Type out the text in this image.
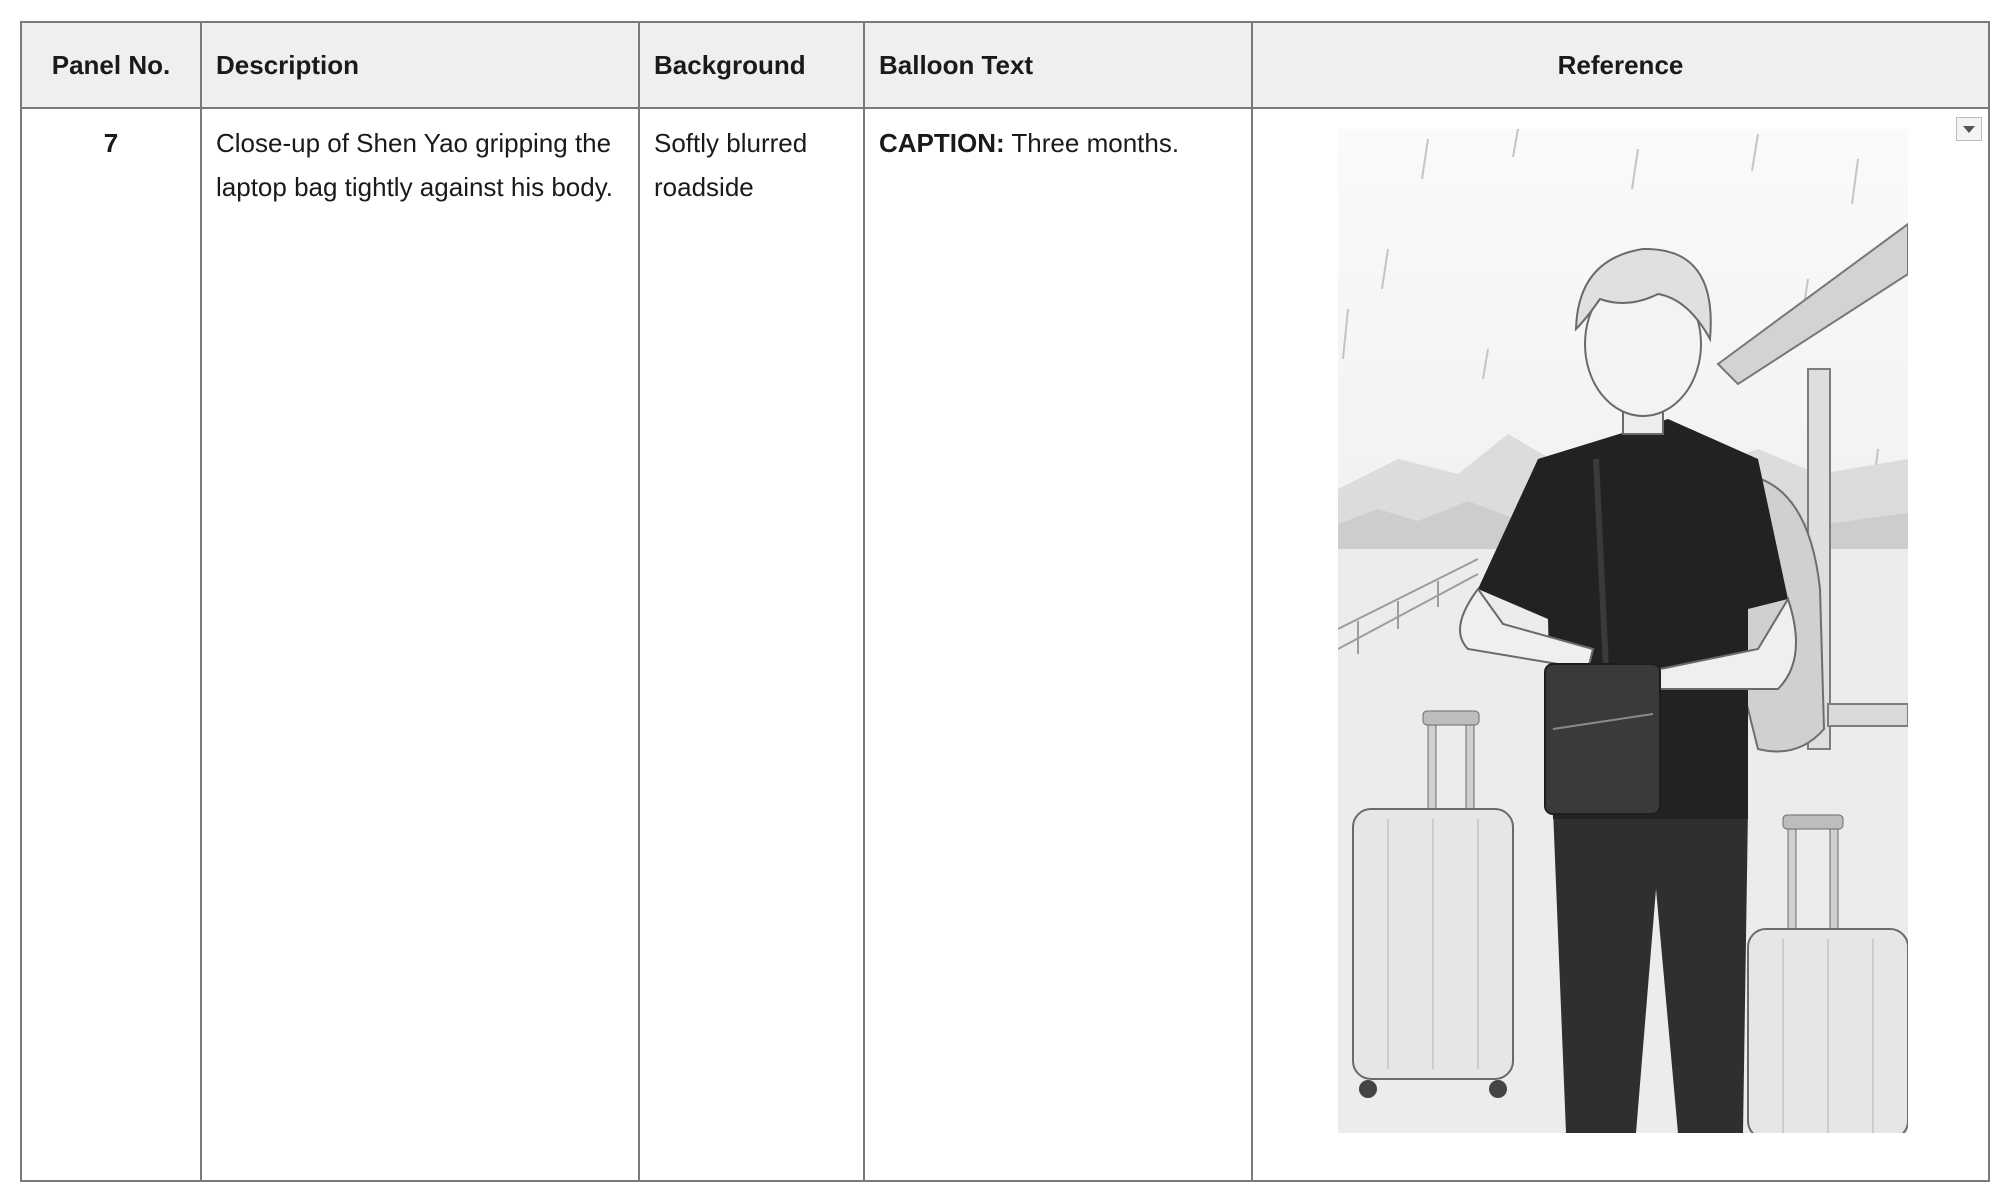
Panel No.	Description	Background	Balloon Text	Reference
7	Close-up of Shen Yao gripping the laptop bag tightly against his body.	Softly blurred roadside	CAPTION: Three months.	
